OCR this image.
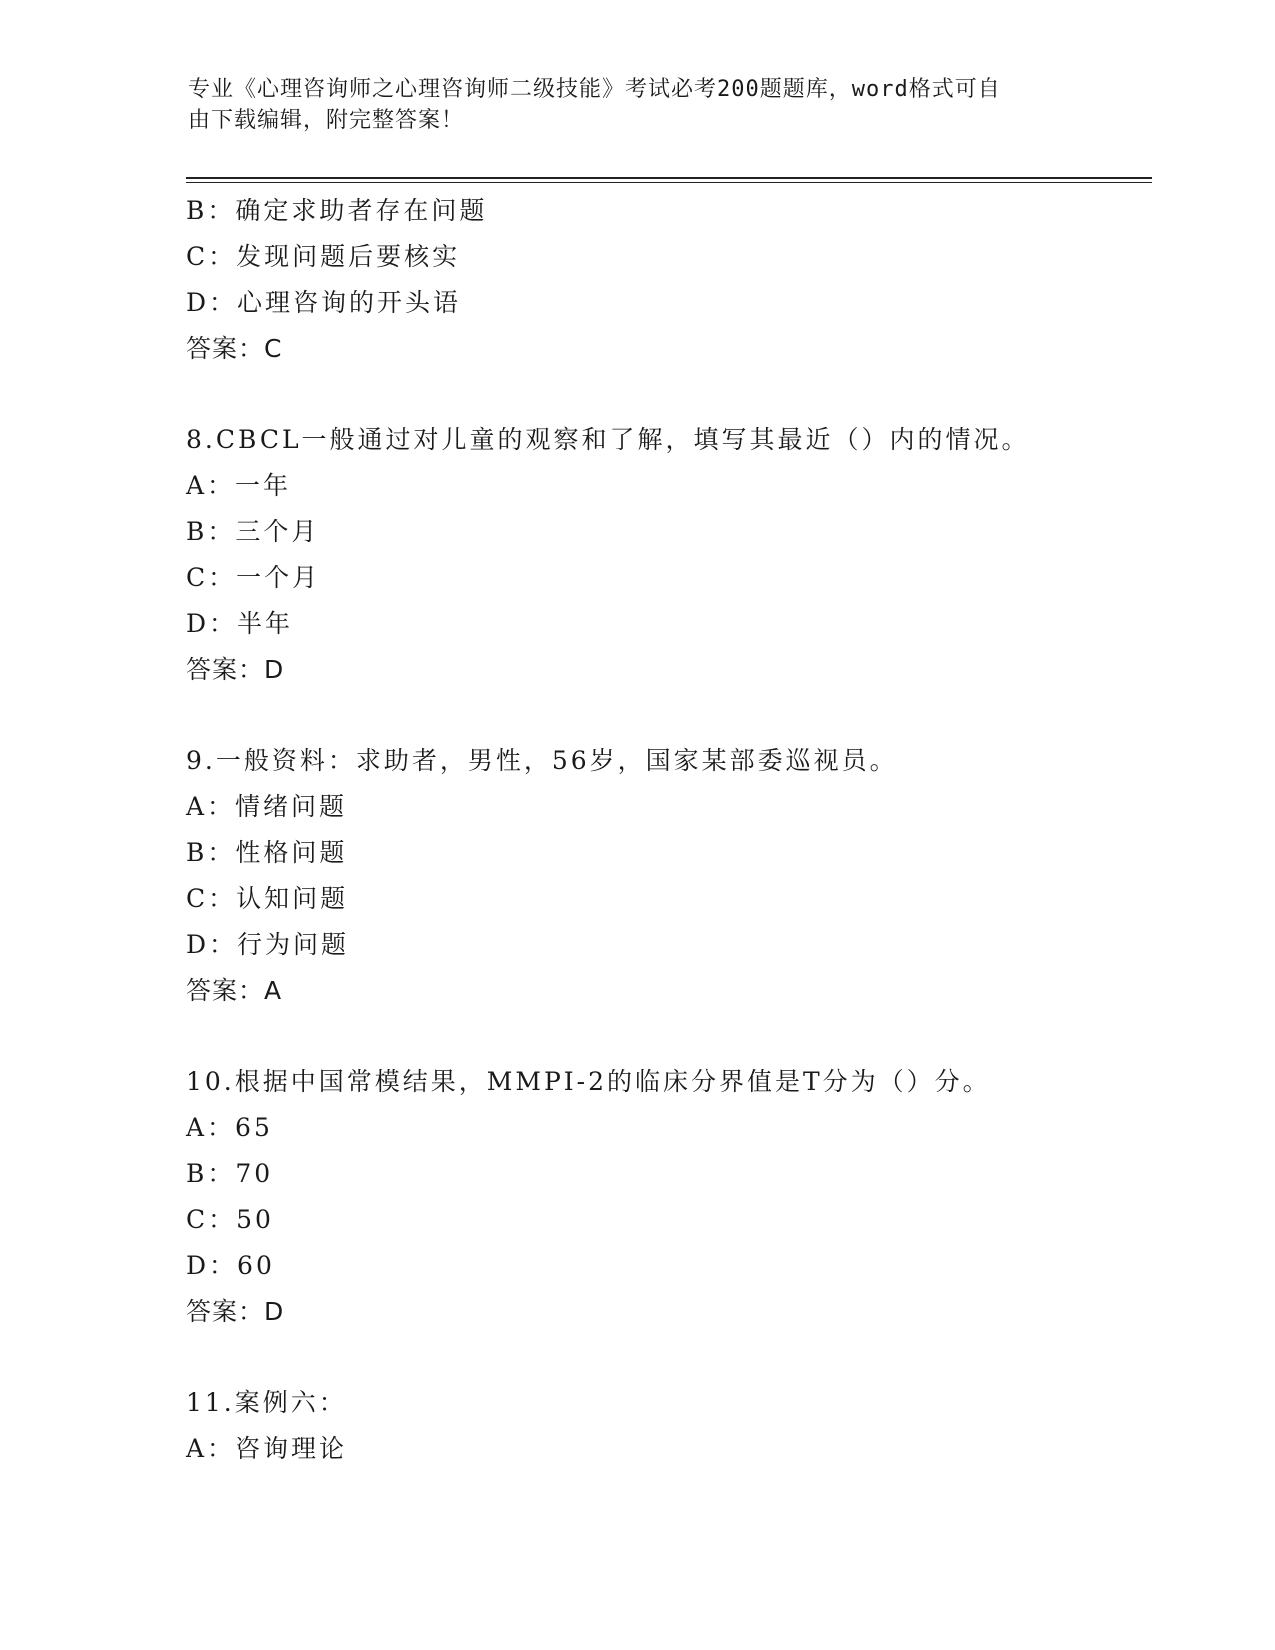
专业《心理咨询师之心理咨询师二级技能》考试必考200题题库，word格式可自
由下载编辑，附完整答案！
B：确定求助者存在问题
C：发现问题后要核实
D：心理咨询的开头语
答案：C
8.CBCL一般通过对儿童的观察和了解，填写其最近（）内的情况。
A：一年
B：三个月
C：一个月
D：半年
答案：D
9.一般资料：求助者，男性，56岁，国家某部委巡视员。
A：情绪问题
B：性格问题
C：认知问题
D：行为问题
答案：A
10.根据中国常模结果，MMPI-2的临床分界值是T分为（）分。
A：65
B：70
C：50
D：60
答案：D
11.案例六：
A：咨询理论
